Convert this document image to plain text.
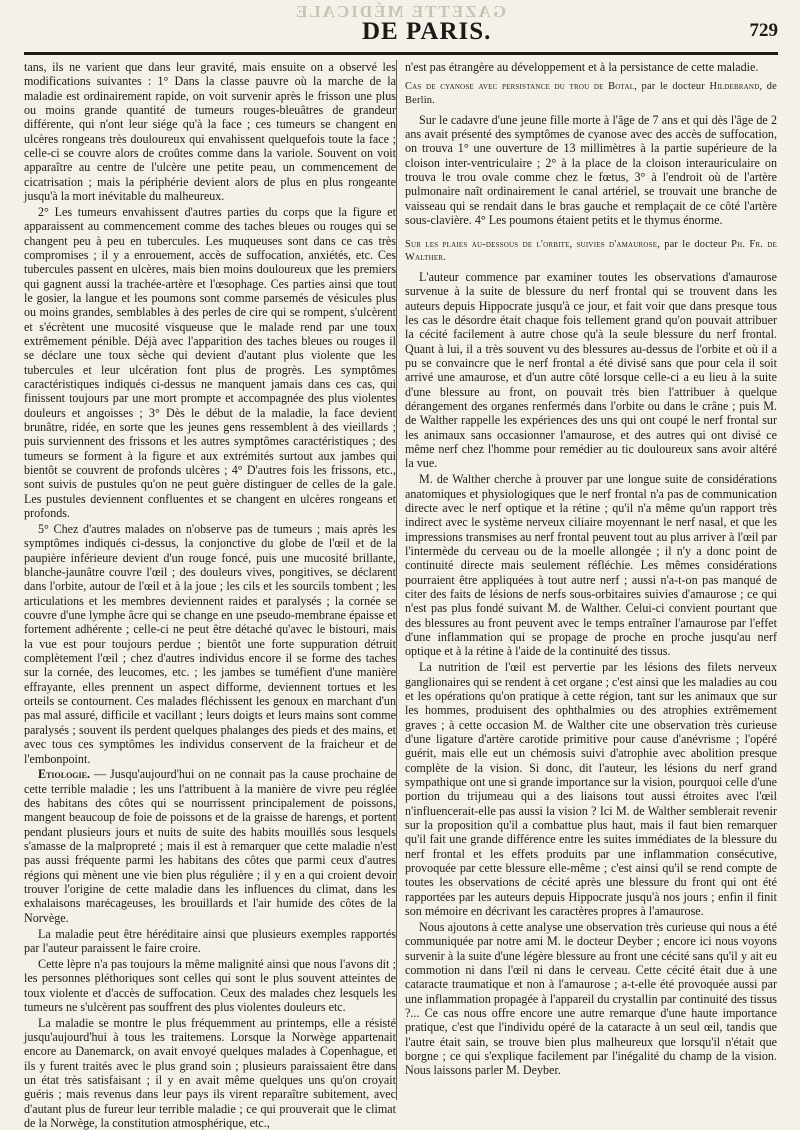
GAZETTE MÉDICALE
DE PARIS.	729

tans, ils ne varient que dans leur gravité, mais ensuite on a observé les modifications suivantes : 1° Dans la classe pauvre où la marche de la maladie est ordinairement rapide, on voit survenir après le frisson une plus ou moins grande quantité de tumeurs rouges-bleuâtres de grandeur différente, qui n'ont leur siége qu'à la face ; ces tumeurs se changent en ulcères rongeans très douloureux qui envahissent quelquefois toute la face ; celle-ci se couvre alors de croûtes comme dans la variole. Souvent on voit apparaître au centre de l'ulcère une petite peau, un commencement de cicatrisation ; mais la périphérie devient alors de plus en plus rongeante jusqu'à la mort inévitable du malheureux.

2° Les tumeurs envahissent d'autres parties du corps que la figure et apparaissent au commencement comme des taches bleues ou rouges qui se changent peu à peu en tubercules. Les muqueuses sont dans ce cas très compromises ; il y a enrouement, accès de suffocation, anxiétés, etc. Ces tubercules passent en ulcères, mais bien moins douloureux que les premiers qui gagnent aussi la trachée-artère et l'œsophage. Ces parties ainsi que tout le gosier, la langue et les poumons sont comme parsemés de vésicules plus ou moins grandes, semblables à des perles de cire qui se rompent, s'ulcèrent et s'écrètent une mucosité visqueuse que le malade rend par une toux extrêmement pénible. Déjà avec l'apparition des taches bleues ou rouges il se déclare une toux sèche qui devient d'autant plus violente que les tubercules et leur ulcération font plus de progrès. Les symptômes caractéristiques indiqués ci-dessus ne manquent jamais dans ces cas, qui finissent toujours par une mort prompte et accompagnée des plus violentes douleurs et angoisses ; 3° Dès le début de la maladie, la face devient brunâtre, ridée, en sorte que les jeunes gens ressemblent à des vieillards ; puis surviennent des frissons et les autres symptômes caractéristiques ; des tumeurs se forment à la figure et aux extrémités surtout aux jambes qui bientôt se couvrent de profonds ulcères ; 4° D'autres fois les frissons, etc., sont suivis de pustules qu'on ne peut guère distinguer de celles de la gale. Les pustules deviennent confluentes et se changent en ulcères rongeans et profonds.

5° Chez d'autres malades on n'observe pas de tumeurs ; mais après les symptômes indiqués ci-dessus, la conjonctive du globe de l'œil et de la paupière inférieure devient d'un rouge foncé, puis une mucosité brillante, blanche-jaunâtre couvre l'œil ; des douleurs vives, pongitives, se déclarent dans l'orbite, autour de l'œil et à la joue ; les cils et les sourcils tombent ; les articulations et les membres deviennent raides et paralysés ; la cornée se couvre d'une lymphe âcre qui se change en une pseudo-membrane épaisse et fortement adhérente ; celle-ci ne peut être détaché qu'avec le bistouri, mais la vue est pour toujours perdue ; bientôt une forte suppuration détruit complètement l'œil ; chez d'autres individus encore il se forme des taches sur la cornée, des leucomes, etc. ; les jambes se tuméfient d'une manière effrayante, elles prennent un aspect difforme, deviennent tortues et les orteils se contournent. Ces malades fléchissent les genoux en marchant d'un pas mal assuré, difficile et vacillant ; leurs doigts et leurs mains sont comme paralysés ; souvent ils perdent quelques phalanges des pieds et des mains, et avec tous ces symptômes les individus conservent de la fraicheur et de l'embonpoint.

Etiologie. — Jusqu'aujourd'hui on ne connait pas la cause prochaine de cette terrible maladie ; les uns l'attribuent à la manière de vivre peu réglée des habitans des côtes qui se nourrissent principalement de poissons, mangent beaucoup de foie de poissons et de la graisse de harengs, et portent pendant plusieurs jours et nuits de suite des habits mouillés sous lesquels s'amasse de la malpropreté ; mais il est à remarquer que cette maladie n'est pas aussi fréquente parmi les habitans des côtes que parmi ceux d'autres régions qui mènent une vie bien plus régulière ; il y en a qui croient devoir trouver l'origine de cette maladie dans les influences du climat, dans les exhalaisons marécageuses, les brouillards et l'air humide des côtes de la Norvège.

La maladie peut être héréditaire ainsi que plusieurs exemples rapportés par l'auteur paraissent le faire croire.

Cette lèpre n'a pas toujours la même malignité ainsi que nous l'avons dit ; les personnes pléthoriques sont celles qui sont le plus souvent atteintes de toux violente et d'accès de suffocation. Ceux des malades chez lesquels les tumeurs ne s'ulcèrent pas souffrent des plus violentes douleurs etc.

La maladie se montre le plus fréquemment au printemps, elle a résisté jusqu'aujourd'hui à tous les traitemens. Lorsque la Norwège appartenait encore au Danemarck, on avait envoyé quelques malades à Copenhague, et ils y furent traités avec le plus grand soin ; plusieurs paraissaient être dans un état très satisfaisant ; il y en avait même quelques uns qu'on croyait guéris ; mais revenus dans leur pays ils virent reparaître subitement, avec d'autant plus de fureur leur terrible maladie ; ce qui prouverait que le climat de la Norwège, la constitution atmosphérique, etc.,

n'est pas étrangère au développement et à la persistance de cette maladie.

Cas de cyanose avec persistance du trou de Botal, par le docteur Hildebrand, de Berlin.

Sur le cadavre d'une jeune fille morte à l'âge de 7 ans et qui dès l'âge de 2 ans avait présenté des symptômes de cyanose avec des accès de suffocation, on trouva 1° une ouverture de 13 millimètres à la partie supérieure de la cloison inter-ventriculaire ; 2° à la place de la cloison interauriculaire on trouva le trou ovale comme chez le fœtus, 3° à l'endroit où de l'artère pulmonaire naît ordinairement le canal artériel, se trouvait une branche de vaisseau qui se rendait dans le bras gauche et remplaçait de ce côté l'artère sous-clavière. 4° Les poumons étaient petits et le thymus énorme.

Sur les plaies au-dessous de l'orbite, suivies d'amaurose, par le docteur Ph. Fr. de Walther.

L'auteur commence par examiner toutes les observations d'amaurose survenue à la suite de blessure du nerf frontal qui se trouvent dans les auteurs depuis Hippocrate jusqu'à ce jour, et fait voir que dans presque tous les cas le désordre était chaque fois tellement grand qu'on pouvait attribuer la cécité facilement à autre chose qu'à la seule blessure du nerf frontal. Quant à lui, il a très souvent vu des blessures au-dessus de l'orbite et où il a pu se convaincre que le nerf frontal a été divisé sans que pour cela il soit arrivé une amaurose, et d'un autre côté lorsque celle-ci a eu lieu à la suite d'une blessure au front, on pouvait très bien l'attribuer à quelque dérangement des organes renfermés dans l'orbite ou dans le crâne ; puis M. de Walther rappelle les expériences des uns qui ont coupé le nerf frontal sur les animaux sans occasionner l'amaurose, et des autres qui ont divisé ce même nerf chez l'homme pour remédier au tic douloureux sans avoir altéré la vue.

M. de Walther cherche à prouver par une longue suite de considérations anatomiques et physiologiques que le nerf frontal n'a pas de communication directe avec le nerf optique et la rétine ; qu'il n'a même qu'un rapport très indirect avec le système nerveux ciliaire moyennant le nerf nasal, et que les impressions transmises au nerf frontal peuvent tout au plus arriver à l'œil par l'intermède du cerveau ou de la moelle allongée ; il n'y a donc point de continuité directe mais seulement réfléchie. Les mêmes considérations pourraient être appliquées à tout autre nerf ; aussi n'a-t-on pas manqué de citer des faits de lésions de nerfs sous-orbitaires suivies d'amaurose ; ce qui n'est pas plus fondé suivant M. de Walther. Celui-ci convient pourtant que des blessures au front peuvent avec le temps entraîner l'amaurose par l'effet d'une inflammation qui se propage de proche en proche jusqu'au nerf optique et à la rétine à l'aide de la continuité des tissus.

La nutrition de l'œil est pervertie par les lésions des filets nerveux ganglionaires qui se rendent à cet organe ; c'est ainsi que les maladies au cou et les opérations qu'on pratique à cette région, tant sur les animaux que sur les hommes, produisent des ophthalmies ou des atrophies extrêmement graves ; à cette occasion M. de Walther cite une observation très curieuse d'une ligature d'artère carotide primitive pour cause d'anévrisme ; l'opéré guérit, mais elle eut un chémosis suivi d'atrophie avec abolition presque complète de la vision. Si donc, dit l'auteur, les lésions du nerf grand sympathique ont une si grande importance sur la vision, pourquoi celle d'une portion du trijumeau qui a des liaisons tout aussi étroites avec l'œil n'influencerait-elle pas aussi la vision ? Ici M. de Walther semblerait revenir sur la proposition qu'il a combattue plus haut, mais il faut bien remarquer qu'il fait une grande différence entre les suites immédiates de la blessure du nerf frontal et les effets produits par une inflammation consécutive, provoquée par cette blessure elle-même ; c'est ainsi qu'il se rend compte de toutes les observations de cécité après une blessure du front qui ont été rapportées par les auteurs depuis Hippocrate jusqu'à nos jours ; enfin il finit son mémoire en décrivant les caractères propres à l'amaurose.

Nous ajoutons à cette analyse une observation très curieuse qui nous a été communiquée par notre ami M. le docteur Deyber ; encore ici nous voyons survenir à la suite d'une légère blessure au front une cécité sans qu'il y ait eu commotion ni dans l'œil ni dans le cerveau. Cette cécité était due à une cataracte traumatique et non à l'amaurose ; a-t-elle été provoquée aussi par une inflammation propagée à l'appareil du crystallin par continuité des tissus ?... Ce cas nous offre encore une autre remarque d'une haute importance pratique, c'est que l'individu opéré de la cataracte à un seul œil, tandis que l'autre était sain, se trouve bien plus malheureux que lorsqu'il n'était que borgne ; ce qui s'explique facilement par l'inégalité du champ de la vision. Nous laissons parler M. Deyber.
